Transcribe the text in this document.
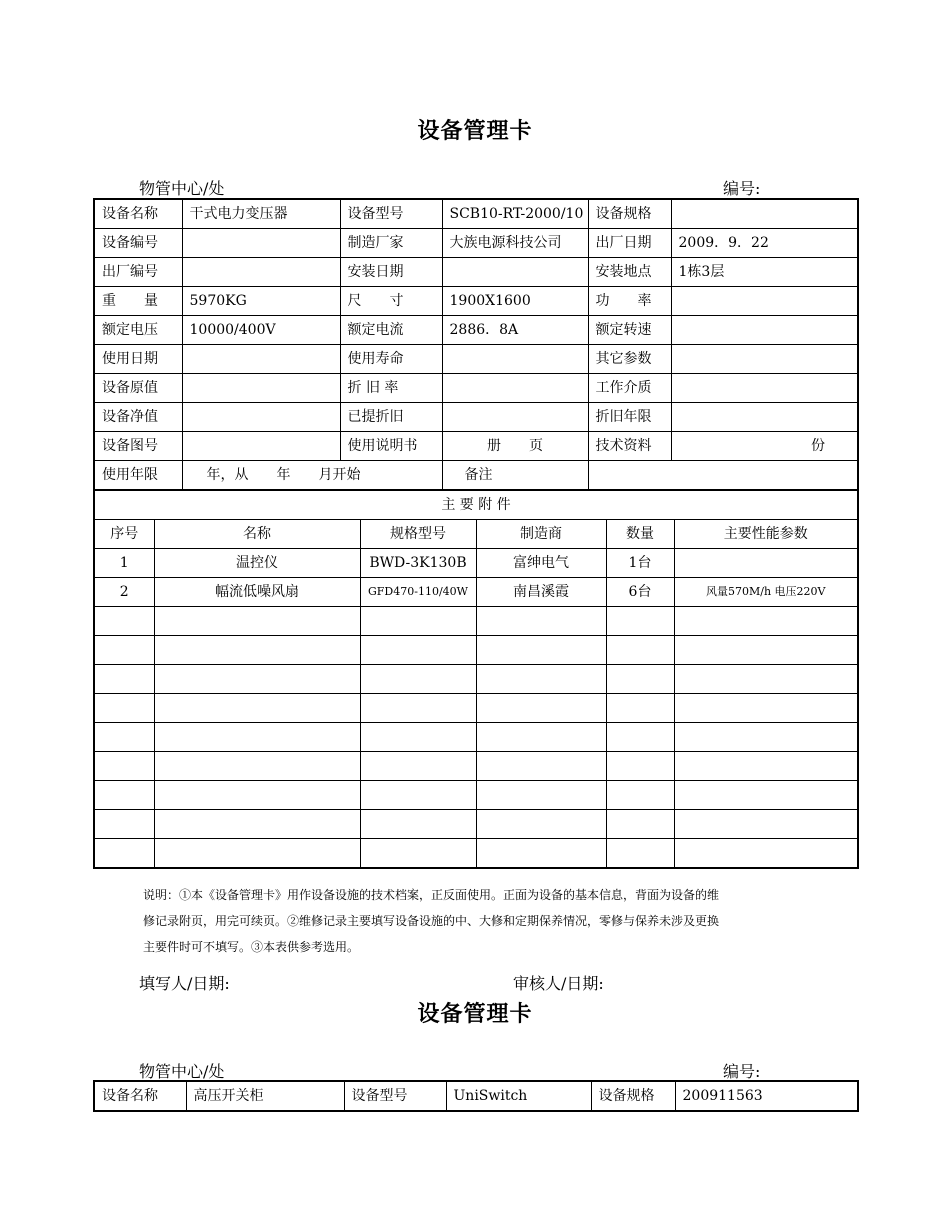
设备管理卡
物管中心/处	编号:
设备名称	干式电力变压器	设备型号	SCB10-RT-2000/10	设备规格	
设备编号		制造厂家	大族电源科技公司	出厂日期	2009．9．22
出厂编号		安装日期		安装地点	1栋3层
重　　量	5970KG	尺　　寸	1900X1600	功　　率	
额定电压	10000/400V	额定电流	2886．8A	额定转速	
使用日期		使用寿命		其它参数	
设备原值		折 旧 率		工作介质	
设备净值		已提折旧		折旧年限	
设备图号		使用说明书	册　　页	技术资料	份
使用年限	年，从　　年　　月开始		备注		
主 要 附 件					
序号	名称	规格型号	制造商	数量	主要性能参数
1	温控仪	BWD-3K130B	富绅电气	1台	
2	幅流低噪风扇	GFD470-110/40W	南昌溪霞	6台	风量570M/h 电压220V

说明：①本《设备管理卡》用作设备设施的技术档案，正反面使用。正面为设备的基本信息，背面为设备的维
修记录附页，用完可续页。②维修记录主要填写设备设施的中、大修和定期保养情况，零修与保养未涉及更换
主要件时可不填写。③本表供参考选用。
填写人/日期:	审核人/日期:
设备管理卡
物管中心/处	编号:
设备名称	高压开关柜	设备型号	UniSwitch	设备规格	200911563
